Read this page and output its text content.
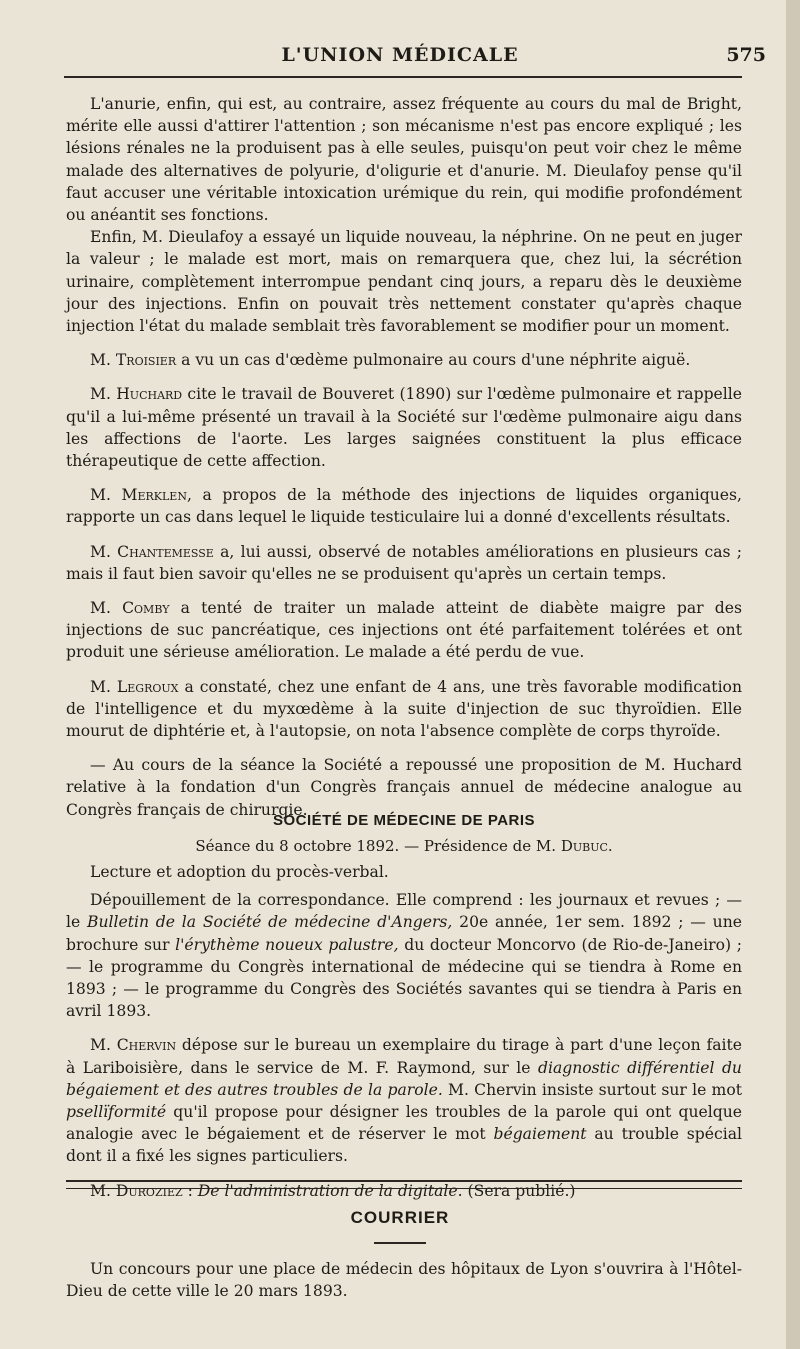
L'UNION MÉDICALE	575

L'anurie, enfin, qui est, au contraire, assez fréquente au cours du mal de Bright, mérite elle aussi d'attirer l'attention ; son mécanisme n'est pas encore expliqué ; les lésions rénales ne la produisent pas à elle seules, puisqu'on peut voir chez le même malade des alternatives de polyurie, d'oligurie et d'anurie. M. Dieulafoy pense qu'il faut accuser une véritable intoxication urémique du rein, qui modifie profondément ou anéantit ses fonctions.

Enfin, M. Dieulafoy a essayé un liquide nouveau, la néphrine. On ne peut en juger la valeur ; le malade est mort, mais on remarquera que, chez lui, la sécrétion urinaire, complètement interrompue pendant cinq jours, a reparu dès le deuxième jour des injections. Enfin on pouvait très nettement constater qu'après chaque injection l'état du malade semblait très favorablement se modifier pour un moment.

M. Troisier a vu un cas d'œdème pulmonaire au cours d'une néphrite aiguë.

M. Huchard cite le travail de Bouveret (1890) sur l'œdème pulmonaire et rappelle qu'il a lui-même présenté un travail à la Société sur l'œdème pulmonaire aigu dans les affections de l'aorte. Les larges saignées constituent la plus efficace thérapeutique de cette affection.

M. Merklen, a propos de la méthode des injections de liquides organiques, rapporte un cas dans lequel le liquide testiculaire lui a donné d'excellents résultats.

M. Chantemesse a, lui aussi, observé de notables améliorations en plusieurs cas ; mais il faut bien savoir qu'elles ne se produisent qu'après un certain temps.

M. Comby a tenté de traiter un malade atteint de diabète maigre par des injections de suc pancréatique, ces injections ont été parfaitement tolérées et ont produit une sérieuse amélioration. Le malade a été perdu de vue.

M. Legroux a constaté, chez une enfant de 4 ans, une très favorable modification de l'intelligence et du myxœdème à la suite d'injection de suc thyroïdien. Elle mourut de diphtérie et, à l'autopsie, on nota l'absence complète de corps thyroïde.

— Au cours de la séance la Société a repoussé une proposition de M. Huchard relative à la fondation d'un Congrès français annuel de médecine analogue au Congrès français de chirurgie.

SOCIÉTÉ DE MÉDECINE DE PARIS
Séance du 8 octobre 1892. — Présidence de M. Dubuc.

Lecture et adoption du procès-verbal.

Dépouillement de la correspondance. Elle comprend : les journaux et revues ; — le Bulletin de la Société de médecine d'Angers, 20e année, 1er sem. 1892 ; — une brochure sur l'érythème noueux palustre, du docteur Moncorvo (de Rio-de-Janeiro) ; — le programme du Congrès international de médecine qui se tiendra à Rome en 1893 ; — le programme du Congrès des Sociétés savantes qui se tiendra à Paris en avril 1893.

M. Chervin dépose sur le bureau un exemplaire du tirage à part d'une leçon faite à Lariboisière, dans le service de M. F. Raymond, sur le diagnostic différentiel du bégaiement et des autres troubles de la parole. M. Chervin insiste surtout sur le mot psellïformité qu'il propose pour désigner les troubles de la parole qui ont quelque analogie avec le bégaiement et de réserver le mot bégaiement au trouble spécial dont il a fixé les signes particuliers.

M. Duroziez : De l'administration de la digitale. (Sera publié.)

COURRIER

Un concours pour une place de médecin des hôpitaux de Lyon s'ouvrira à l'Hôtel-Dieu de cette ville le 20 mars 1893.
